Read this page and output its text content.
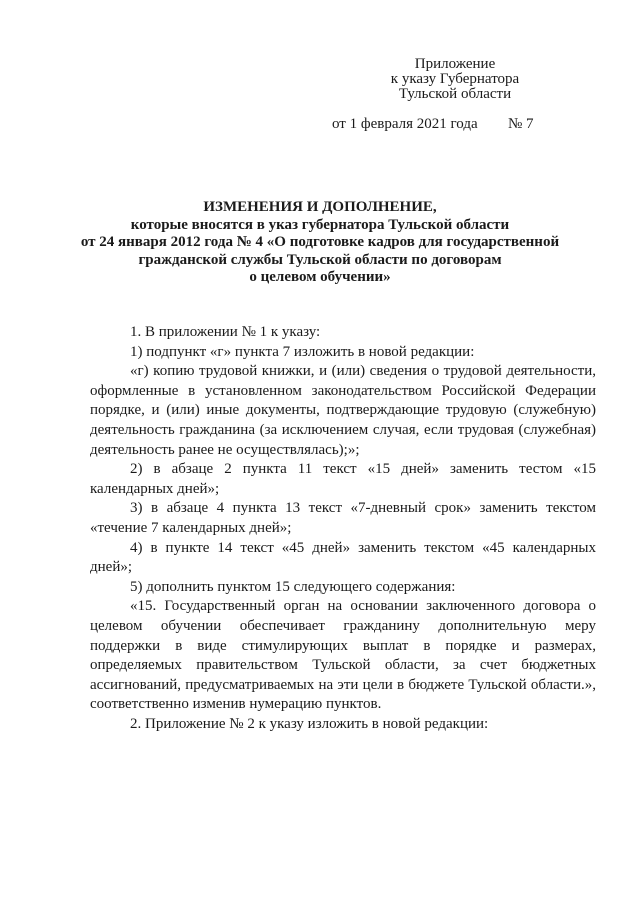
Приложение
к указу Губернатора
Тульской области
от 1 февраля 2021 года № 7
ИЗМЕНЕНИЯ И ДОПОЛНЕНИЕ,
которые вносятся в указ губернатора Тульской области
от 24 января 2012 года № 4 «О подготовке кадров для государственной
гражданской службы Тульской области по договорам
о целевом обучении»

1. В приложении № 1 к указу:

1) подпункт «г» пункта 7 изложить в новой редакции:

«г) копию трудовой книжки, и (или) сведения о трудовой деятельности, оформленные в установленном законодательством Российской Федерации порядке, и (или) иные документы, подтверждающие трудовую (служебную) деятельность гражданина (за исключением случая, если трудовая (служебная) деятельность ранее не осуществлялась);»;

2) в абзаце 2 пункта 11 текст «15 дней» заменить тестом «15 календарных дней»;

3) в абзаце 4 пункта 13 текст «7-дневный срок» заменить текстом «течение 7 календарных дней»;

4) в пункте 14 текст «45 дней» заменить текстом «45 календарных дней»;

5) дополнить пунктом 15 следующего содержания:

«15. Государственный орган на основании заключенного договора о целевом обучении обеспечивает гражданину дополнительную меру поддержки в виде стимулирующих выплат в порядке и размерах, определяемых правительством Тульской области, за счет бюджетных ассигнований, предусматриваемых на эти цели в бюджете Тульской области.», соответственно изменив нумерацию пунктов.

2. Приложение № 2 к указу изложить в новой редакции:
